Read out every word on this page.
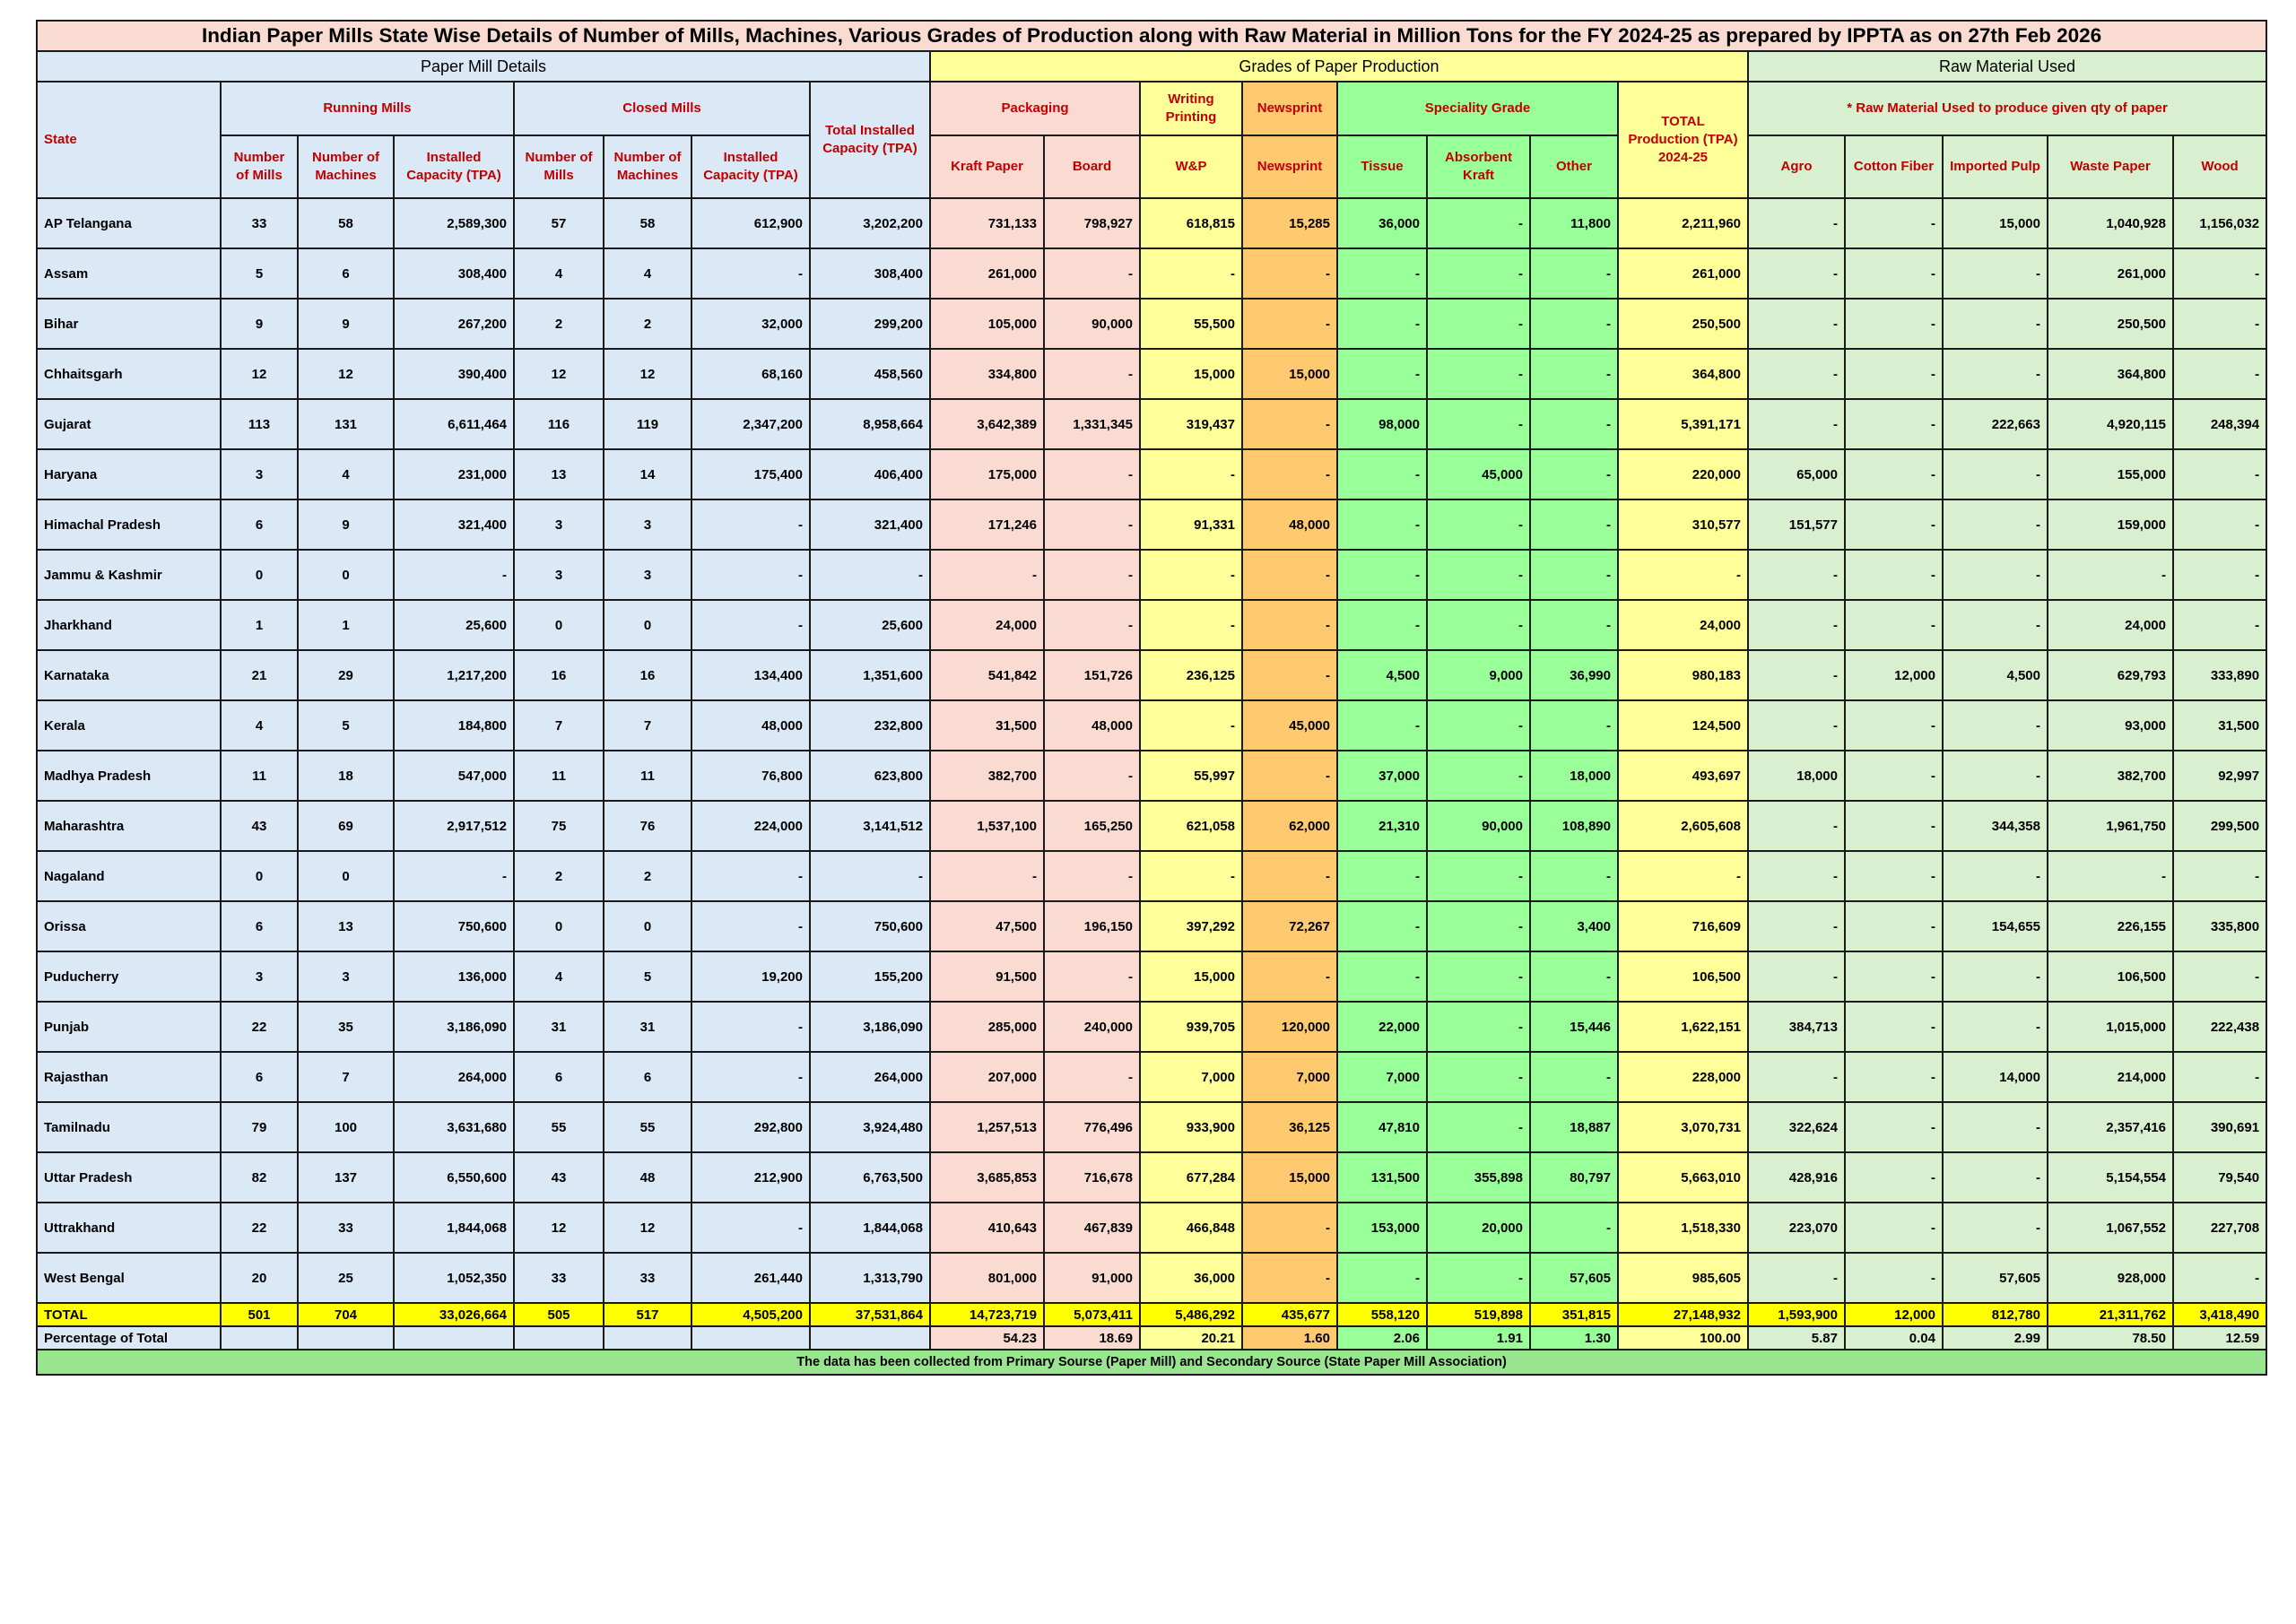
Indian Paper Mills State Wise Details of Number of Mills, Machines, Various Grades of Production along with Raw Material in Million Tons for the FY 2024-25 as prepared by IPPTA as on 27th Feb 2026																				
Paper Mill Details								Grades of Paper Production								Raw Material Used				
State	Running Mills			Closed Mills			Total Installed Capacity (TPA)	Packaging		Writing Printing	Newsprint	Speciality Grade			TOTAL Production (TPA) 2024-25	* Raw Material Used to produce given qty of paper				
	Number of Mills	Number of Machines	Installed Capacity (TPA)	Number of Mills	Number of Machines	Installed Capacity (TPA)		Kraft Paper	Board	W&P	Newsprint	Tissue	Absorbent Kraft	Other		Agro	Cotton Fiber	Imported Pulp	Waste Paper	Wood
AP Telangana	33	58	2,589,300	57	58	612,900	3,202,200	731,133	798,927	618,815	15,285	36,000	-	11,800	2,211,960	-	-	15,000	1,040,928	1,156,032
Assam	5	6	308,400	4	4	-	308,400	261,000	-	-	-	-	-	-	261,000	-	-	-	261,000	-
Bihar	9	9	267,200	2	2	32,000	299,200	105,000	90,000	55,500	-	-	-	-	250,500	-	-	-	250,500	-
Chhaitsgarh	12	12	390,400	12	12	68,160	458,560	334,800	-	15,000	15,000	-	-	-	364,800	-	-	-	364,800	-
Gujarat	113	131	6,611,464	116	119	2,347,200	8,958,664	3,642,389	1,331,345	319,437	-	98,000	-	-	5,391,171	-	-	222,663	4,920,115	248,394
Haryana	3	4	231,000	13	14	175,400	406,400	175,000	-	-	-	-	45,000	-	220,000	65,000	-	-	155,000	-
Himachal Pradesh	6	9	321,400	3	3	-	321,400	171,246	-	91,331	48,000	-	-	-	310,577	151,577	-	-	159,000	-
Jammu & Kashmir	0	0	-	3	3	-	-	-	-	-	-	-	-	-	-	-	-	-	-	-
Jharkhand	1	1	25,600	0	0	-	25,600	24,000	-	-	-	-	-	-	24,000	-	-	-	24,000	-
Karnataka	21	29	1,217,200	16	16	134,400	1,351,600	541,842	151,726	236,125	-	4,500	9,000	36,990	980,183	-	12,000	4,500	629,793	333,890
Kerala	4	5	184,800	7	7	48,000	232,800	31,500	48,000	-	45,000	-	-	-	124,500	-	-	-	93,000	31,500
Madhya Pradesh	11	18	547,000	11	11	76,800	623,800	382,700	-	55,997	-	37,000	-	18,000	493,697	18,000	-	-	382,700	92,997
Maharashtra	43	69	2,917,512	75	76	224,000	3,141,512	1,537,100	165,250	621,058	62,000	21,310	90,000	108,890	2,605,608	-	-	344,358	1,961,750	299,500
Nagaland	0	0	-	2	2	-	-	-	-	-	-	-	-	-	-	-	-	-	-	-
Orissa	6	13	750,600	0	0	-	750,600	47,500	196,150	397,292	72,267	-	-	3,400	716,609	-	-	154,655	226,155	335,800
Puducherry	3	3	136,000	4	5	19,200	155,200	91,500	-	15,000	-	-	-	-	106,500	-	-	-	106,500	-
Punjab	22	35	3,186,090	31	31	-	3,186,090	285,000	240,000	939,705	120,000	22,000	-	15,446	1,622,151	384,713	-	-	1,015,000	222,438
Rajasthan	6	7	264,000	6	6	-	264,000	207,000	-	7,000	7,000	7,000	-	-	228,000	-	-	14,000	214,000	-
Tamilnadu	79	100	3,631,680	55	55	292,800	3,924,480	1,257,513	776,496	933,900	36,125	47,810	-	18,887	3,070,731	322,624	-	-	2,357,416	390,691
Uttar Pradesh	82	137	6,550,600	43	48	212,900	6,763,500	3,685,853	716,678	677,284	15,000	131,500	355,898	80,797	5,663,010	428,916	-	-	5,154,554	79,540
Uttrakhand	22	33	1,844,068	12	12	-	1,844,068	410,643	467,839	466,848	-	153,000	20,000	-	1,518,330	223,070	-	-	1,067,552	227,708
West Bengal	20	25	1,052,350	33	33	261,440	1,313,790	801,000	91,000	36,000	-	-	-	57,605	985,605	-	-	57,605	928,000	-
TOTAL	501	704	33,026,664	505	517	4,505,200	37,531,864	14,723,719	5,073,411	5,486,292	435,677	558,120	519,898	351,815	27,148,932	1,593,900	12,000	812,780	21,311,762	3,418,490
Percentage of Total								54.23	18.69	20.21	1.60	2.06	1.91	1.30	100.00	5.87	0.04	2.99	78.50	12.59
The data has been collected from Primary Sourse (Paper Mill) and Secondary Source (State Paper Mill Association)																				
